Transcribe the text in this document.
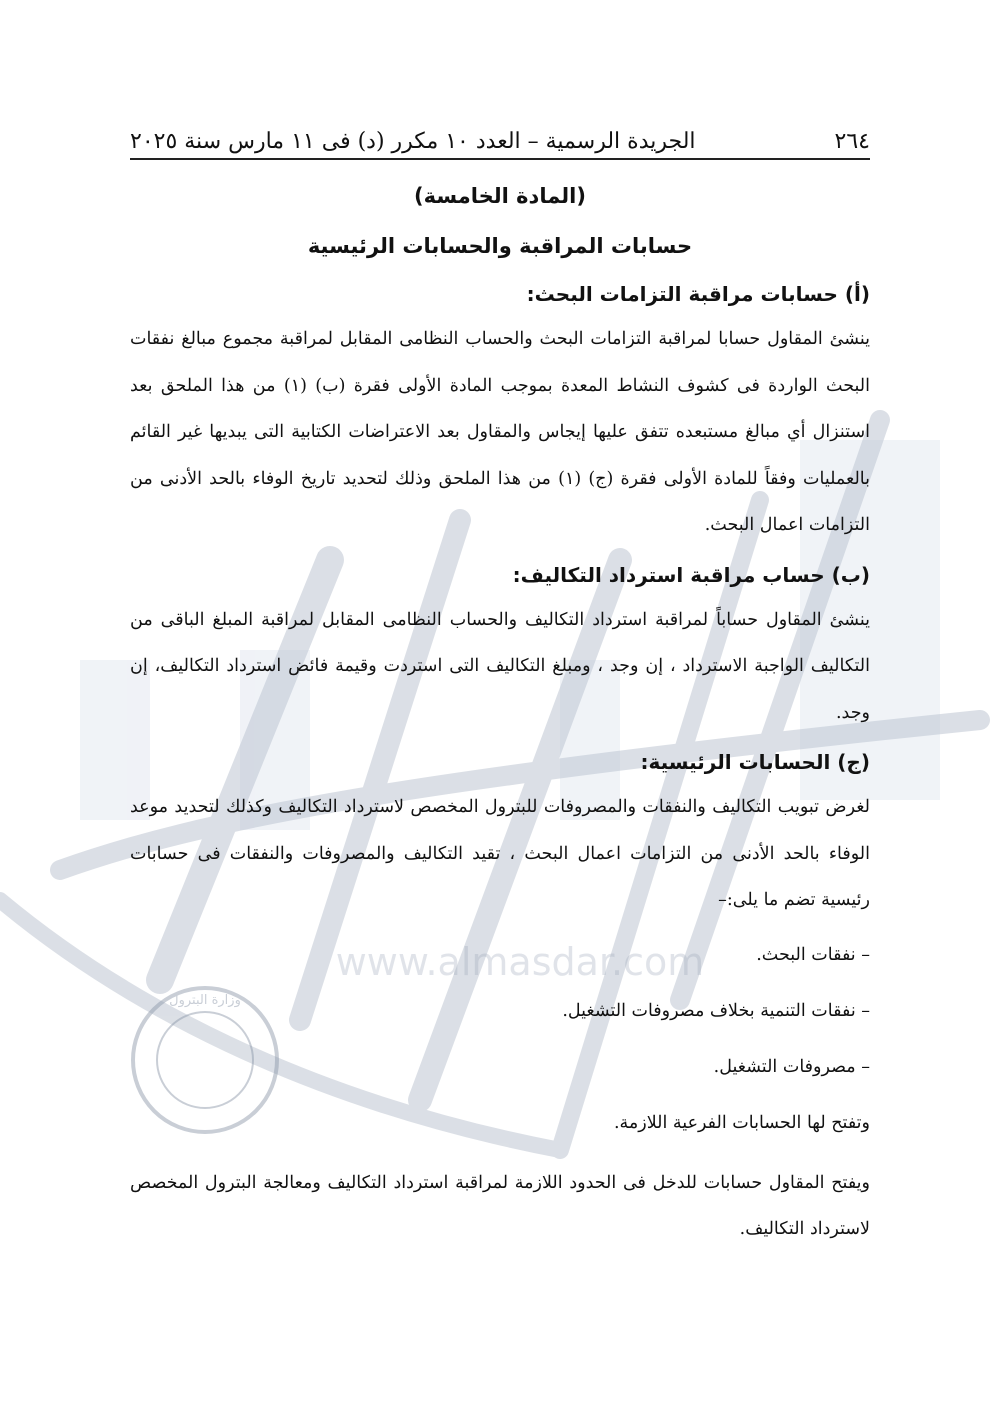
وزارة البترول
www.almasdar.com
٢٦٤
الجريدة الرسمية – العدد ١٠ مكرر (د) فى ١١ مارس سنة ٢٠٢٥
(المادة الخامسة)
حسابات المراقبة والحسابات الرئيسية
(أ) حسابات مراقبة التزامات البحث:

ينشئ المقاول حسابا لمراقبة التزامات البحث والحساب النظامى المقابل لمراقبة مجموع مبالغ نفقات البحث الواردة فى كشوف النشاط المعدة بموجب المادة الأولى فقرة (ب) (١) من هذا الملحق بعد استنزال أي مبالغ مستبعده تتفق عليها إيجاس والمقاول بعد الاعتراضات الكتابية التى يبديها غير القائم بالعمليات وفقاً للمادة الأولى فقرة (ج) (١) من هذا الملحق وذلك لتحديد تاريخ الوفاء بالحد الأدنى من التزامات اعمال البحث.

(ب) حساب مراقبة استرداد التكاليف:

ينشئ المقاول حساباً لمراقبة استرداد التكاليف والحساب النظامى المقابل لمراقبة المبلغ الباقى من التكاليف الواجبة الاسترداد ، إن وجد ، ومبلغ التكاليف التى استردت وقيمة فائض استرداد التكاليف، إن وجد.

(ج) الحسابات الرئيسية:

لغرض تبويب التكاليف والنفقات والمصروفات للبترول المخصص لاسترداد التكاليف وكذلك لتحديد موعد الوفاء بالحد الأدنى من التزامات اعمال البحث ، تقيد التكاليف والمصروفات والنفقات فى حسابات رئيسية تضم ما يلى:–

– نفقات البحث.

– نفقات التنمية بخلاف مصروفات التشغيل.

– مصروفات التشغيل.

وتفتح لها الحسابات الفرعية اللازمة.

ويفتح المقاول حسابات للدخل فى الحدود اللازمة لمراقبة استرداد التكاليف ومعالجة البترول المخصص لاسترداد التكاليف.
